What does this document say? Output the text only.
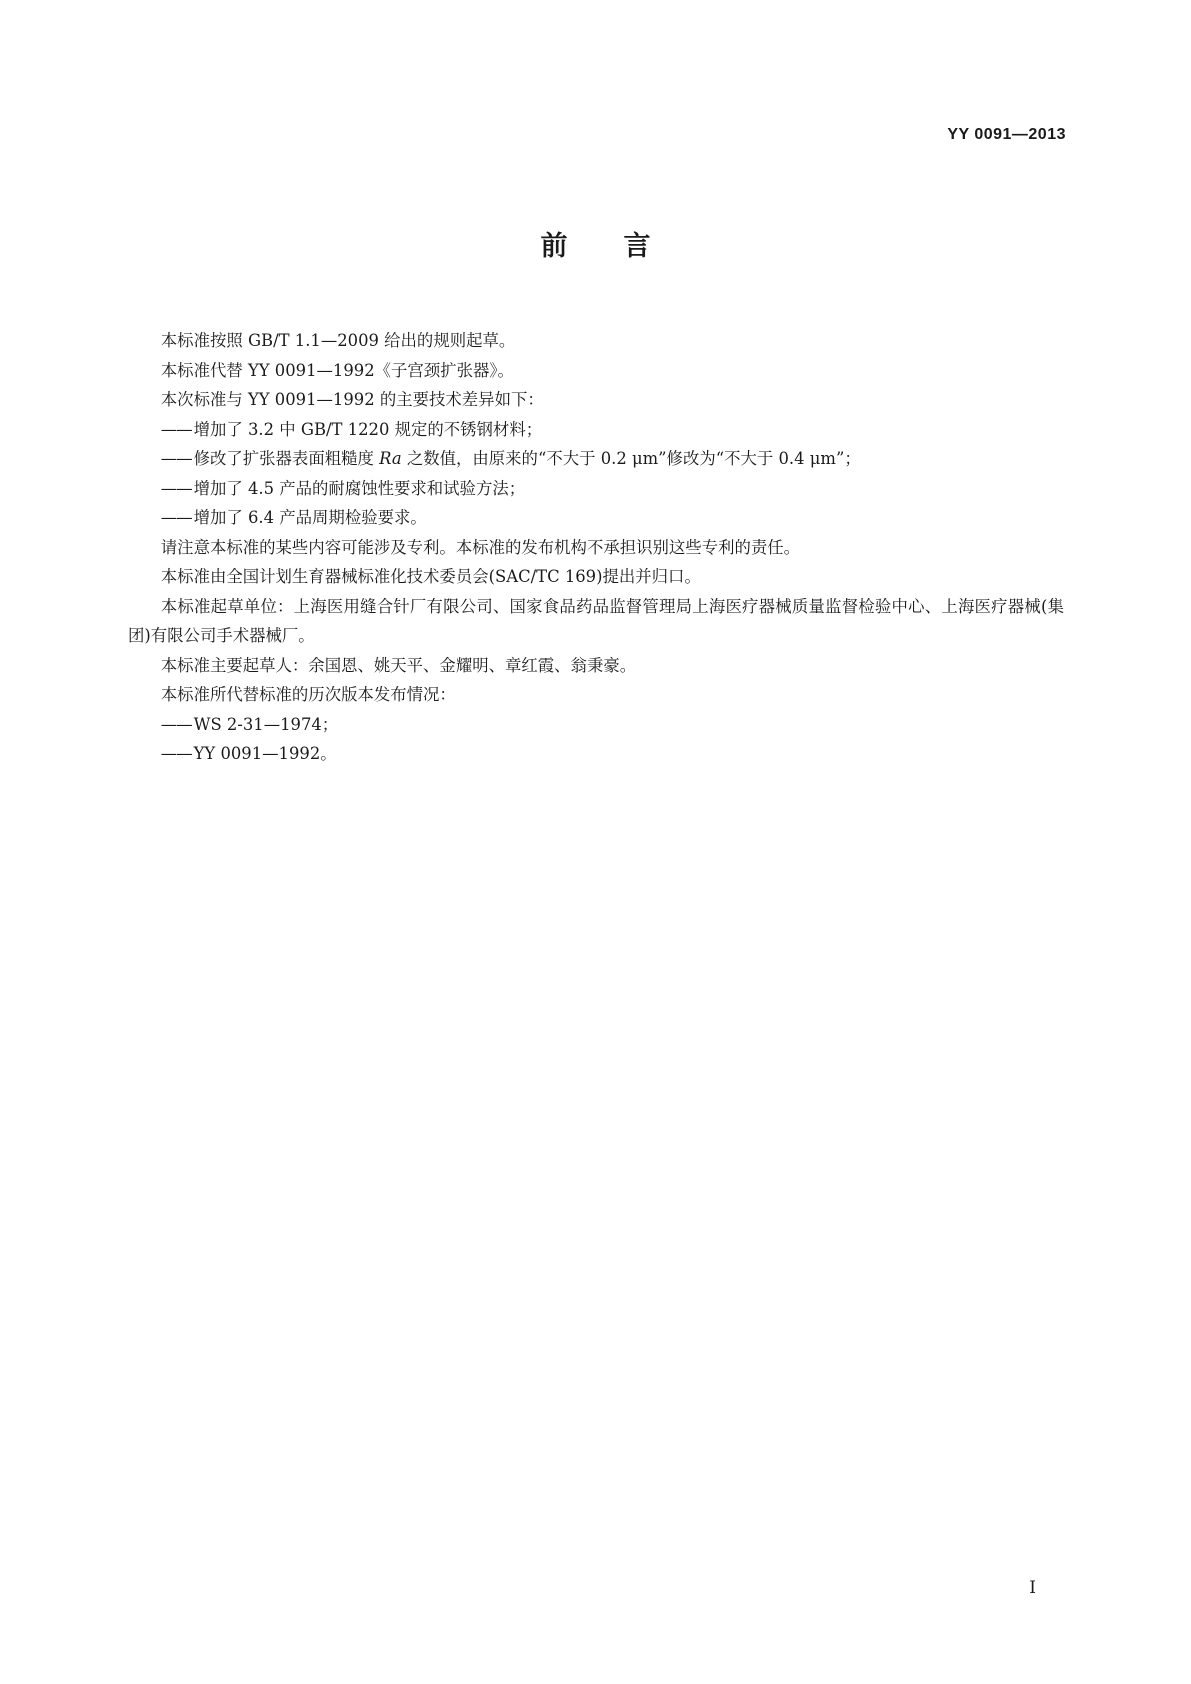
YY 0091—2013
前言

本标准按照 GB/T 1.1—2009 给出的规则起草。

本标准代替 YY 0091—1992《子宫颈扩张器》。

本次标准与 YY 0091—1992 的主要技术差异如下：

—— 增加了 3.2 中 GB/T 1220 规定的不锈钢材料；

—— 修改了扩张器表面粗糙度 Ra 之数值，由原来的“不大于 0.2 μm”修改为“不大于 0.4 μm”；

—— 增加了 4.5 产品的耐腐蚀性要求和试验方法；

—— 增加了 6.4 产品周期检验要求。

请注意本标准的某些内容可能涉及专利。本标准的发布机构不承担识别这些专利的责任。

本标准由全国计划生育器械标准化技术委员会(SAC/TC 169)提出并归口。

本标准起草单位：上海医用缝合针厂有限公司、国家食品药品监督管理局上海医疗器械质量监督检验中心、上海医疗器械(集团)有限公司手术器械厂。

本标准主要起草人：余国恩、姚天平、金耀明、章红霞、翁秉豪。

本标准所代替标准的历次版本发布情况：

—— WS 2-31—1974；

—— YY 0091—1992。

I
